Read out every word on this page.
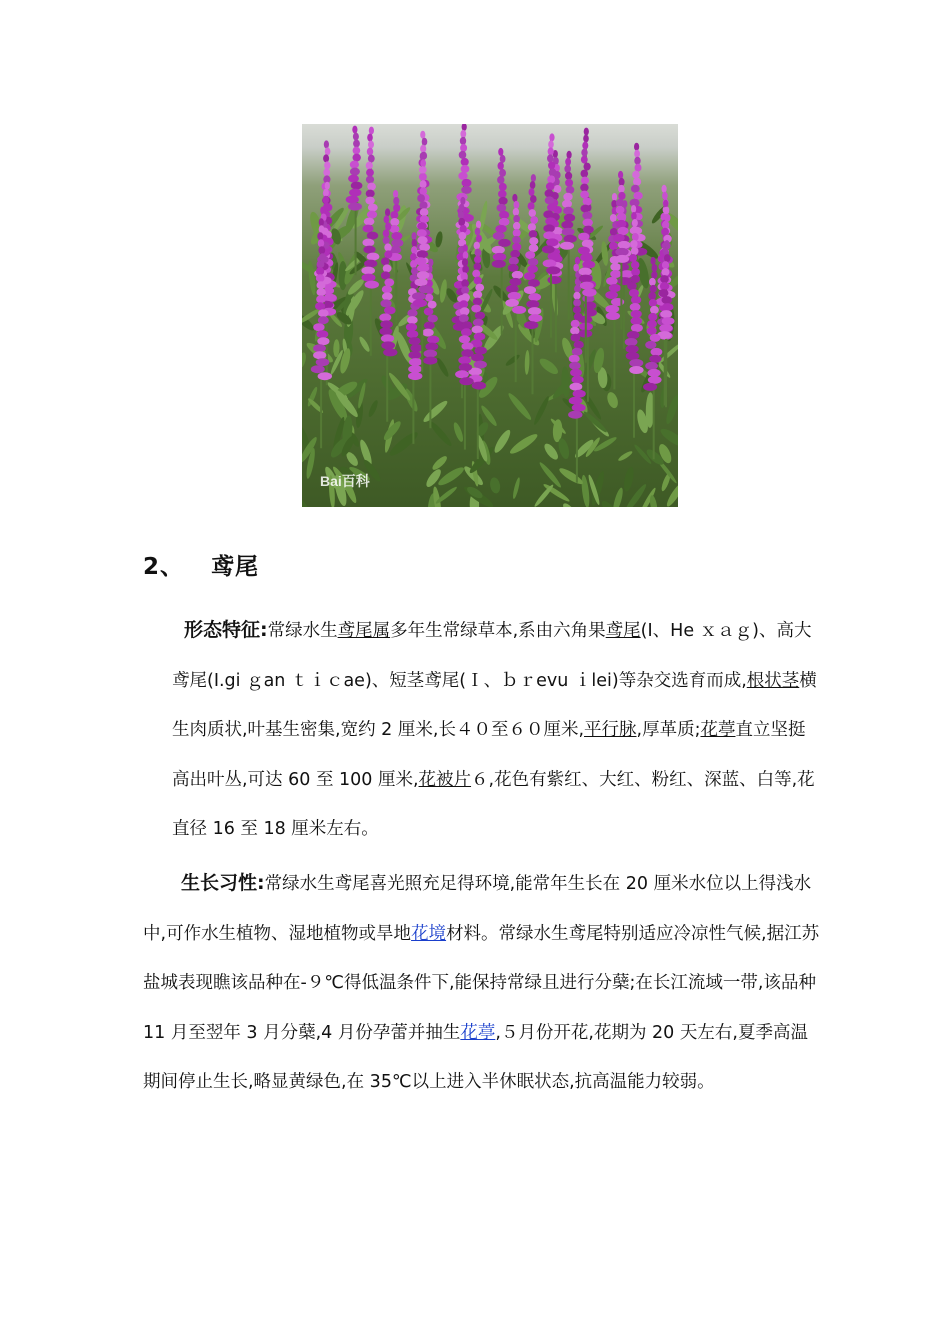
Bai百科
2、 鸢尾
形态特征:常绿水生鸢尾属多年生常绿草本,系由六角果鸢尾(I、He ｘａｇ)、高大鸢尾(I.gi ｇan ｔｉｃae)、短茎鸢尾(Ｉ、ｂｒevu ｉlei)等杂交选育而成,根状茎横生肉质状,叶基生密集,宽约 2 厘米,长４０至６０厘米,平行脉,厚革质;花葶直立坚挺高出叶丛,可达 60 至 100 厘米,花被片６,花色有紫红、大红、粉红、深蓝、白等,花直径 16 至 18 厘米左右。
生长习性:常绿水生鸢尾喜光照充足得环境,能常年生长在 20 厘米水位以上得浅水中,可作水生植物、湿地植物或旱地花境材料。常绿水生鸢尾特别适应冷凉性气候,据江苏盐城表现瞧该品种在-９℃得低温条件下,能保持常绿且进行分蘖;在长江流域一带,该品种 11 月至翌年 3 月分蘖,4 月份孕蕾并抽生花葶,５月份开花,花期为 20 天左右,夏季高温期间停止生长,略显黄绿色,在 35℃以上进入半休眠状态,抗高温能力较弱。
